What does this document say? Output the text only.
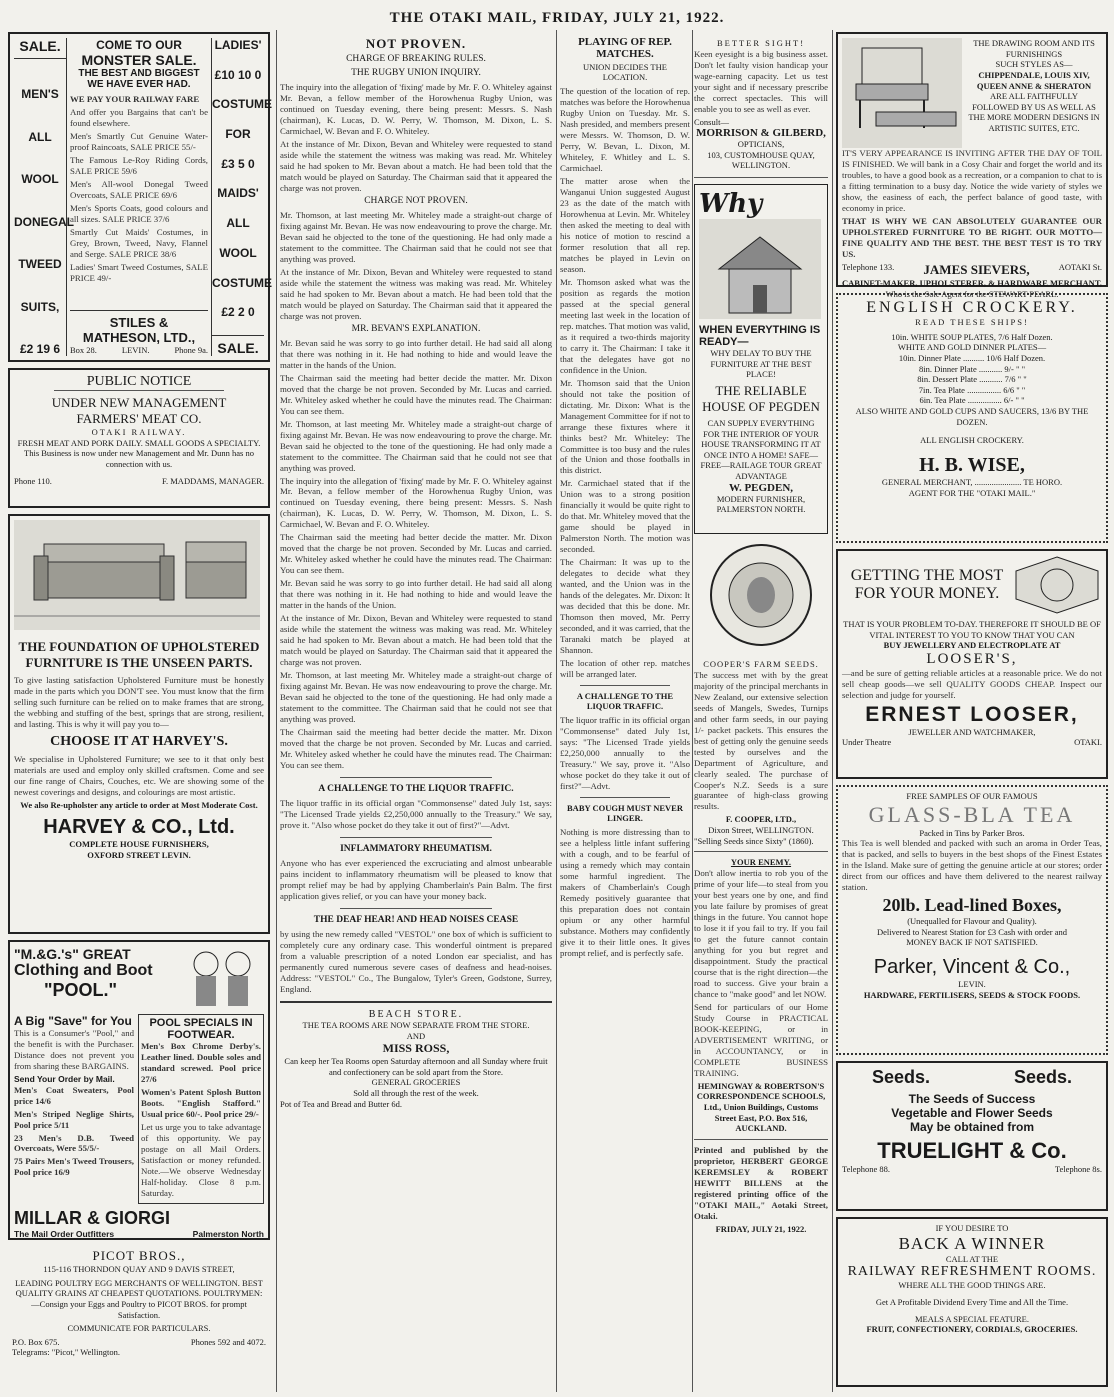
THE OTAKI MAIL, FRIDAY, JULY 21, 1922.
SALE.
MEN'S
ALL
WOOL
DONEGAL
TWEED
SUITS,
£2 19 6
COME TO OUR
MONSTER SALE.
THE BEST AND BIGGEST WE HAVE EVER HAD.
WE PAY YOUR RAILWAY FARE
And offer you Bargains that can't be found elsewhere.
Men's Smartly Cut Genuine Water-proof Raincoats, SALE PRICE 55/-
The Famous Le-Roy Riding Cords, SALE PRICE 59/6
Men's All-wool Donegal Tweed Overcoats, SALE PRICE 69/6
Men's Sports Coats, good colours and all sizes. SALE PRICE 37/6
Smartly Cut Maids' Costumes, in Grey, Brown, Tweed, Navy, Flannel and Serge. SALE PRICE 38/6
Ladies' Smart Tweed Costumes, SALE PRICE 49/-
STILES & MATHESON, LTD.,
Box 28.	LEVIN.	Phone 9a.
LADIES'
£10 10 0
COSTUME
FOR
£3 5 0
MAIDS'
ALL
WOOL
COSTUME
£2 2 0
SALE.
PUBLIC NOTICE
UNDER NEW MANAGEMENT
FARMERS' MEAT CO.
OTAKI RAILWAY.
FRESH MEAT AND PORK DAILY. SMALL GOODS A SPECIALTY.
This Business is now under new Management and Mr. Dunn has no connection with us.
Phone 110.	F. MADDAMS, MANAGER.
THE FOUNDATION OF UPHOLSTERED FURNITURE IS THE UNSEEN PARTS.
To give lasting satisfaction Upholstered Furniture must be honestly made in the parts which you DON'T see. You must know that the firm selling such furniture can be relied on to make frames that are strong, the webbing and stuffing of the best, springs that are strong, resilient, and lasting. This is why it will pay you to—
CHOOSE IT AT HARVEY'S.
We specialise in Upholstered Furniture; we see to it that only best materials are used and employ only skilled craftsmen. Come and see our fine range of Chairs, Couches, etc. We are showing some of the newest coverings and designs, and colourings are most artistic.
We also Re-upholster any article to order at Most Moderate Cost.
HARVEY & CO., Ltd.
COMPLETE HOUSE FURNISHERS,
OXFORD STREET LEVIN.
"M.&G.'s" GREAT
Clothing and Boot
"POOL."
A Big "Save" for You
This is a Consumer's "Pool," and the benefit is with the Purchaser. Distance does not prevent you from sharing these BARGAINS.
Send Your Order by Mail.
Men's Coat Sweaters, Pool price 14/6
Men's Striped Neglige Shirts, Pool price 5/11
23 Men's D.B. Tweed Overcoats, Were 55/5/-
75 Pairs Men's Tweed Trousers, Pool price 16/9
POOL SPECIALS IN FOOTWEAR.
Men's Box Chrome Derby's. Leather lined. Double soles and standard screwed. Pool price 27/6
Women's Patent Splosh Button Boots. "English Stafford." Usual price 60/-. Pool price 29/-
Let us urge you to take advantage of this opportunity. We pay postage on all Mail Orders. Satisfaction or money refunded. Note.—We observe Wednesday Half-holiday. Close 8 p.m. Saturday.
MILLAR & GIORGI
The Mail Order Outfitters	Palmerston North
PICOT BROS.,
115-116 THORNDON QUAY AND 9 DAVIS STREET,
LEADING POULTRY EGG MERCHANTS OF WELLINGTON. BEST QUALITY GRAINS AT CHEAPEST QUOTATIONS. POULTRYMEN:—Consign your Eggs and Poultry to PICOT BROS. for prompt Satisfaction.
COMMUNICATE FOR PARTICULARS.
P.O. Box 675.	Phones 592 and 4072.
Telegrams: "Picot," Wellington.
NOT PROVEN.
CHARGE OF BREAKING RULES.
THE RUGBY UNION INQUIRY.
The inquiry into the allegation of 'fixing' made by Mr. F. O. Whiteley against Mr. Bevan, a fellow member of the Horowhenua Rugby Union, was continued on Tuesday evening, there being present: Messrs. S. Nash (chairman), K. Lucas, D. W. Perry, W. Thomson, M. Dixon, L. S. Carmichael, W. Bevan and F. O. Whiteley.
At the instance of Mr. Dixon, Bevan and Whiteley were requested to stand aside while the statement the witness was making was read. Mr. Whiteley said he had spoken to Mr. Bevan about a match. He had been told that the match would be played on Saturday. The Chairman said that it appeared the charge was not proven.
CHARGE NOT PROVEN.
Mr. Thomson, at last meeting Mr. Whiteley made a straight-out charge of fixing against Mr. Bevan. He was now endeavouring to prove the charge. Mr. Bevan said he objected to the tone of the questioning. He had only made a statement to the committee. The Chairman said that he could not see that anything was proved.
At the instance of Mr. Dixon, Bevan and Whiteley were requested to stand aside while the statement the witness was making was read. Mr. Whiteley said he had spoken to Mr. Bevan about a match. He had been told that the match would be played on Saturday. The Chairman said that it appeared the charge was not proven.
MR. BEVAN'S EXPLANATION.
Mr. Bevan said he was sorry to go into further detail. He had said all along that there was nothing in it. He had nothing to hide and would leave the matter in the hands of the Union.
The Chairman said the meeting had better decide the matter. Mr. Dixon moved that the charge be not proven. Seconded by Mr. Lucas and carried. Mr. Whiteley asked whether he could have the minutes read. The Chairman: You can see them.
Mr. Thomson, at last meeting Mr. Whiteley made a straight-out charge of fixing against Mr. Bevan. He was now endeavouring to prove the charge. Mr. Bevan said he objected to the tone of the questioning. He had only made a statement to the committee. The Chairman said that he could not see that anything was proved.
The inquiry into the allegation of 'fixing' made by Mr. F. O. Whiteley against Mr. Bevan, a fellow member of the Horowhenua Rugby Union, was continued on Tuesday evening, there being present: Messrs. S. Nash (chairman), K. Lucas, D. W. Perry, W. Thomson, M. Dixon, L. S. Carmichael, W. Bevan and F. O. Whiteley.
The Chairman said the meeting had better decide the matter. Mr. Dixon moved that the charge be not proven. Seconded by Mr. Lucas and carried. Mr. Whiteley asked whether he could have the minutes read. The Chairman: You can see them.
Mr. Bevan said he was sorry to go into further detail. He had said all along that there was nothing in it. He had nothing to hide and would leave the matter in the hands of the Union.
At the instance of Mr. Dixon, Bevan and Whiteley were requested to stand aside while the statement the witness was making was read. Mr. Whiteley said he had spoken to Mr. Bevan about a match. He had been told that the match would be played on Saturday. The Chairman said that it appeared the charge was not proven.
Mr. Thomson, at last meeting Mr. Whiteley made a straight-out charge of fixing against Mr. Bevan. He was now endeavouring to prove the charge. Mr. Bevan said he objected to the tone of the questioning. He had only made a statement to the committee. The Chairman said that he could not see that anything was proved.
The Chairman said the meeting had better decide the matter. Mr. Dixon moved that the charge be not proven. Seconded by Mr. Lucas and carried. Mr. Whiteley asked whether he could have the minutes read. The Chairman: You can see them.
A CHALLENGE TO THE LIQUOR TRAFFIC.
The liquor traffic in its official organ "Commonsense" dated July 1st, says: "The Licensed Trade yields £2,250,000 annually to the Treasury." We say, prove it. "Also whose pocket do they take it out of first?"—Advt.
INFLAMMATORY RHEUMATISM.
Anyone who has ever experienced the excruciating and almost unbearable pains incident to inflammatory rheumatism will be pleased to know that prompt relief may be had by applying Chamberlain's Pain Balm. The first application gives relief, or you can have your money back.
THE DEAF HEAR! AND HEAD NOISES CEASE
by using the new remedy called "VESTOL" one box of which is sufficient to completely cure any ordinary case. This wonderful ointment is prepared from a valuable prescription of a noted London ear specialist, and has permanently cured numerous severe cases of deafness and head-noises. Address: "VESTOL" Co., The Bungalow, Tyler's Green, Godstone, Surrey, England.
BEACH STORE.
THE TEA ROOMS ARE NOW SEPARATE FROM THE STORE.
AND
MISS ROSS,
Can keep her Tea Rooms open Saturday afternoon and all Sunday where fruit and confectionery can be sold apart from the Store.
GENERAL GROCERIES
Sold all through the rest of the week.
Pot of Tea and Bread and Butter 6d.
PLAYING OF REP. MATCHES.
UNION DECIDES THE LOCATION.
The question of the location of rep. matches was before the Horowhenua Rugby Union on Tuesday. Mr. S. Nash presided, and members present were Messrs. W. Thomson, D. W. Perry, W. Bevan, L. Dixon, M. Whiteley, F. Whitley and L. S. Carmichael.
The matter arose when the Wanganui Union suggested August 23 as the date of the match with Horowhenua at Levin. Mr. Whiteley then asked the meeting to deal with his notice of motion to rescind a former resolution that all rep. matches be played in Levin on season.
Mr. Thomson asked what was the position as regards the motion passed at the special general meeting last week in the location of rep. matches. That motion was valid, as it required a two-thirds majority to carry it. The Chairman: I take it that the delegates have got no confidence in the Union.
Mr. Thomson said that the Union should not take the position of dictating. Mr. Dixon: What is the Management Committee for if not to arrange these fixtures where it thinks best? Mr. Whiteley: The Committee is too busy and the rules of the Union and those footballs in this district.
Mr. Carmichael stated that if the Union was to a strong position financially it would be quite right to do that. Mr. Whiteley moved that the game should be played in Palmerston North. The motion was seconded.
The Chairman: It was up to the delegates to decide what they wanted, and the Union was in the hands of the delegates. Mr. Dixon: It was decided that this be done. Mr. Thomson then moved, Mr. Perry seconded, and it was carried, that the Taranaki match be played at Shannon.
The location of other rep. matches will be arranged later.
A CHALLENGE TO THE LIQUOR TRAFFIC.
The liquor traffic in its official organ "Commonsense" dated July 1st, says: "The Licensed Trade yields £2,250,000 annually to the Treasury." We say, prove it. "Also whose pocket do they take it out of first?"—Advt.
BABY COUGH MUST NEVER LINGER.
Nothing is more distressing than to see a helpless little infant suffering with a cough, and to be fearful of using a remedy which may contain some harmful ingredient. The makers of Chamberlain's Cough Remedy positively guarantee that this preparation does not contain opium or any other harmful substance. Mothers may confidently give it to their little ones. It gives prompt relief, and is perfectly safe.
BETTER SIGHT!
Keen eyesight is a big business asset. Don't let faulty vision handicap your wage-earning capacity. Let us test your sight and if necessary prescribe the correct spectacles. This will enable you to see as well as ever.
Consult—
MORRISON & GILBERD,
OPTICIANS,
103, CUSTOMHOUSE QUAY,
WELLINGTON.
Why
WHEN EVERYTHING IS READY—
WHY DELAY TO BUY THE FURNITURE AT THE BEST PLACE!
THE RELIABLE HOUSE OF PEGDEN
CAN SUPPLY EVERYTHING FOR THE INTERIOR OF YOUR HOUSE TRANSFORMING IT AT ONCE INTO A HOME! SAFE—FREE—RAILAGE TOUR GREAT ADVANTAGE
W. PEGDEN,
MODERN FURNISHER, PALMERSTON NORTH.
COOPER'S FARM SEEDS.
The success met with by the great majority of the principal merchants in New Zealand, our extensive selection seeds of Mangels, Swedes, Turnips and other farm seeds, in our paying 1/- packet packets. This ensures the best of getting only the genuine seeds tested by ourselves and the Department of Agriculture, and clearly sealed. The purchase of Cooper's N.Z. Seeds is a sure guarantee of high-class growing results.
F. COOPER, LTD.,
Dixon Street, WELLINGTON.
"Selling Seeds since Sixty" (1860).
YOUR ENEMY.
Don't allow inertia to rob you of the prime of your life—to steal from you your best years one by one, and find you late failure by promises of great things in the future. You cannot hope to lose it if you fail to try. If you fail to get the future cannot contain anything for you but regret and disappointment. Study the practical course that is the right direction—the road to success. Give your brain a chance to "make good" and let NOW.
Send for particulars of our Home Study Course in PRACTICAL BOOK-KEEPING, or in ADVERTISEMENT WRITING, or in ACCOUNTANCY, or in COMPLETE BUSINESS TRAINING.
HEMINGWAY & ROBERTSON'S CORRESPONDENCE SCHOOLS, Ltd., Union Buildings, Customs Street East, P.O. Box 516, AUCKLAND.
Printed and published by the proprietor, HERBERT GEORGE KEREMSLEY & ROBERT HEWITT BILLENS at the registered printing office of the "OTAKI MAIL," Aotaki Street, Otaki.
FRIDAY, JULY 21, 1922.
THE DRAWING ROOM AND ITS FURNISHINGS
SUCH STYLES AS—
CHIPPENDALE, LOUIS XIV,
QUEEN ANNE & SHERATON
ARE ALL FAITHFULLY FOLLOWED BY US AS WELL AS THE MORE MODERN DESIGNS IN ARTISTIC SUITES, ETC.
IT'S VERY APPEARANCE IS INVITING AFTER THE DAY OF TOIL IS FINISHED. We will bank in a Cosy Chair and forget the world and its troubles, to have a good book as a recreation, or a companion to chat to is a fitting termination to a busy day. Notice the wide variety of styles we show, the easiness of each, the perfect balance of good taste, with economy in price.
THAT IS WHY WE CAN ABSOLUTELY GUARANTEE OUR UPHOLSTERED FURNITURE TO BE RIGHT. OUR MOTTO—FINE QUALITY AND THE BEST. THE BEST TEST IS TO TRY US.
Telephone 133. JAMES SIEVERS,	AOTAKI St.
CABINET-MAKER, UPHOLSTERER, & HARDWARE MERCHANT,
Who is the Sole Agent for the STEWART PEARL.
ENGLISH CROCKERY.
READ THESE SHIPS!
10in. WHITE SOUP PLATES, 7/6 Half Dozen.
WHITE AND GOLD DINNER PLATES—
10in. Dinner Plate .......... 10/6 Half Dozen.
8in. Dinner Plate ........... 9/- " "
8in. Dessert Plate ........... 7/6 " "
7in. Tea Plate ................ 6/6 " "
6in. Tea Plate ................ 6/- " "
ALSO WHITE AND GOLD CUPS AND SAUCERS, 13/6 BY THE DOZEN.
ALL ENGLISH CROCKERY.
H. B. WISE,
GENERAL MERCHANT, ...................... TE HORO.
AGENT FOR THE "OTAKI MAIL."
GETTING THE MOST FOR YOUR MONEY.
THAT IS YOUR PROBLEM TO-DAY. THEREFORE IT SHOULD BE OF VITAL INTEREST TO YOU TO KNOW THAT YOU CAN
BUY JEWELLERY AND ELECTROPLATE AT
LOOSER'S,
—and be sure of getting reliable articles at a reasonable price. We do not sell cheap goods—we sell QUALITY GOODS CHEAP. Inspect our selection and judge for yourself.
ERNEST LOOSER,
JEWELLER AND WATCHMAKER,
Under Theatre	OTAKI.
FREE SAMPLES OF OUR FAMOUS
GLASS-BLA TEA
Packed in Tins by Parker Bros.
This Tea is well blended and packed with such an aroma in Order Teas, that is packed, and sells to buyers in the best shops of the Finest Estates in the Island. Make sure of getting the genuine article at our stores; order direct from our offices and have them delivered to the nearest railway station.
20lb. Lead-lined Boxes,
(Unequalled for Flavour and Quality).
Delivered to Nearest Station for £3 Cash with order and
MONEY BACK IF NOT SATISFIED.
Parker, Vincent & Co.,
LEVIN.
HARDWARE, FERTILISERS, SEEDS & STOCK FOODS.
Seeds.	Seeds.
The Seeds of Success
Vegetable and Flower Seeds
May be obtained from
TRUELIGHT & Co.
Telephone 88.	Telephone 8s.
IF YOU DESIRE TO
BACK A WINNER
CALL AT THE
RAILWAY REFRESHMENT ROOMS.
WHERE ALL THE GOOD THINGS ARE.
Get A Profitable Dividend Every Time and All the Time.
MEALS A SPECIAL FEATURE.
FRUIT, CONFECTIONERY, CORDIALS, GROCERIES.
